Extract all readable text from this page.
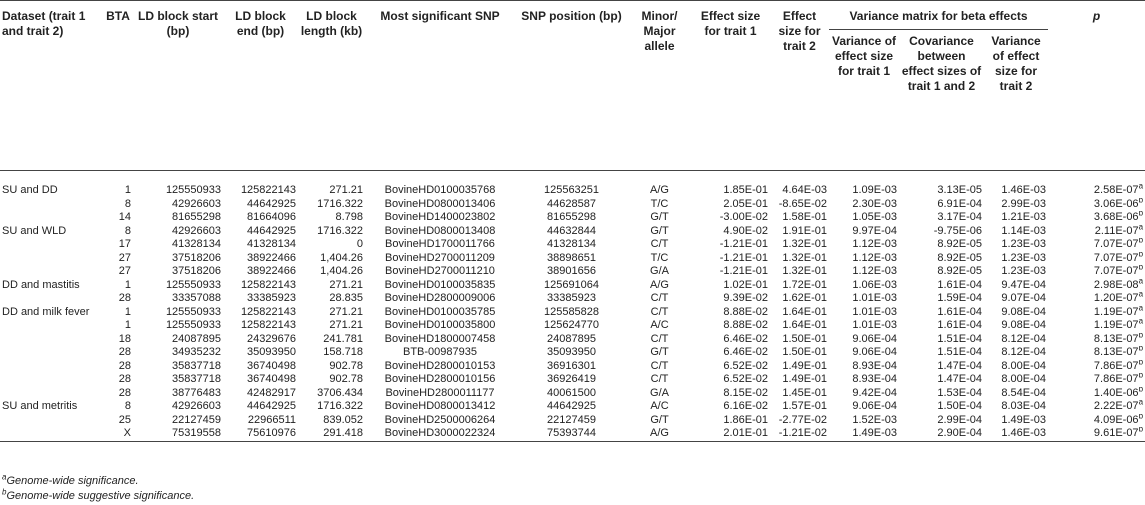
Dataset (trait 1 and trait 2)	BTA	LD block start (bp)	LD block end (bp)	LD block length (kb)	Most significant SNP	SNP position (bp)	Minor/ Major allele	Effect size for trait 1	Effect size for trait 2	Variance matrix for beta effects			p
										Variance of effect size for trait 1	Covariance between effect sizes of trait 1 and 2	Variance of effect size for trait 2	

SU and DD	1	125550933	125822143	271.21	BovineHD0100035768	125563251	A/G	1.85E-01	4.64E-03	1.09E-03	3.13E-05	1.46E-03	2.58E-07$^a$
	8	42926603	44642925	1716.322	BovineHD0800013406	44628587	T/C	2.05E-01	-8.65E-02	2.30E-03	6.91E-04	2.99E-03	3.06E-06$^b$
	14	81655298	81664096	8.798	BovineHD1400023802	81655298	G/T	-3.00E-02	1.58E-01	1.05E-03	3.17E-04	1.21E-03	3.68E-06$^b$
SU and WLD	8	42926603	44642925	1716.322	BovineHD0800013408	44632844	G/T	4.90E-02	1.91E-01	9.97E-04	-9.75E-06	1.14E-03	2.11E-07$^a$
	17	41328134	41328134	0	BovineHD1700011766	41328134	C/T	-1.21E-01	1.32E-01	1.12E-03	8.92E-05	1.23E-03	7.07E-07$^b$
	27	37518206	38922466	1,404.26	BovineHD2700011209	38898651	T/C	-1.21E-01	1.32E-01	1.12E-03	8.92E-05	1.23E-03	7.07E-07$^b$
	27	37518206	38922466	1,404.26	BovineHD2700011210	38901656	G/A	-1.21E-01	1.32E-01	1.12E-03	8.92E-05	1.23E-03	7.07E-07$^b$
DD and mastitis	1	125550933	125822143	271.21	BovineHD0100035835	125691064	A/G	1.02E-01	1.72E-01	1.06E-03	1.61E-04	9.47E-04	2.98E-08$^a$
	28	33357088	33385923	28.835	BovineHD2800009006	33385923	C/T	9.39E-02	1.62E-01	1.01E-03	1.59E-04	9.07E-04	1.20E-07$^a$
DD and milk fever	1	125550933	125822143	271.21	BovineHD0100035785	125585828	C/T	8.88E-02	1.64E-01	1.01E-03	1.61E-04	9.08E-04	1.19E-07$^a$
	1	125550933	125822143	271.21	BovineHD0100035800	125624770	A/C	8.88E-02	1.64E-01	1.01E-03	1.61E-04	9.08E-04	1.19E-07$^a$
	18	24087895	24329676	241.781	BovineHD1800007458	24087895	C/T	6.46E-02	1.50E-01	9.06E-04	1.51E-04	8.12E-04	8.13E-07$^b$
	28	34935232	35093950	158.718	BTB-00987935	35093950	G/T	6.46E-02	1.50E-01	9.06E-04	1.51E-04	8.12E-04	8.13E-07$^b$
	28	35837718	36740498	902.78	BovineHD2800010153	36916301	C/T	6.52E-02	1.49E-01	8.93E-04	1.47E-04	8.00E-04	7.86E-07$^b$
	28	35837718	36740498	902.78	BovineHD2800010156	36926419	C/T	6.52E-02	1.49E-01	8.93E-04	1.47E-04	8.00E-04	7.86E-07$^b$
	28	38776483	42482917	3706.434	BovineHD2800011177	40061500	G/A	8.15E-02	1.45E-01	9.42E-04	1.53E-04	8.54E-04	1.40E-06$^b$
SU and metritis	8	42926603	44642925	1716.322	BovineHD0800013412	44642925	A/C	6.16E-02	1.57E-01	9.06E-04	1.50E-04	8.03E-04	2.22E-07$^a$
	25	22127459	22966511	839.052	BovineHD2500006264	22127459	G/T	1.86E-01	-2.77E-02	1.52E-03	2.99E-04	1.49E-03	4.09E-06$^b$
	X	75319558	75610976	291.418	BovineHD3000022324	75393744	A/G	2.01E-01	-1.21E-02	1.49E-03	2.90E-04	1.46E-03	9.61E-07$^b$
$^a$Genome-wide significance.
$^b$Genome-wide suggestive significance.
